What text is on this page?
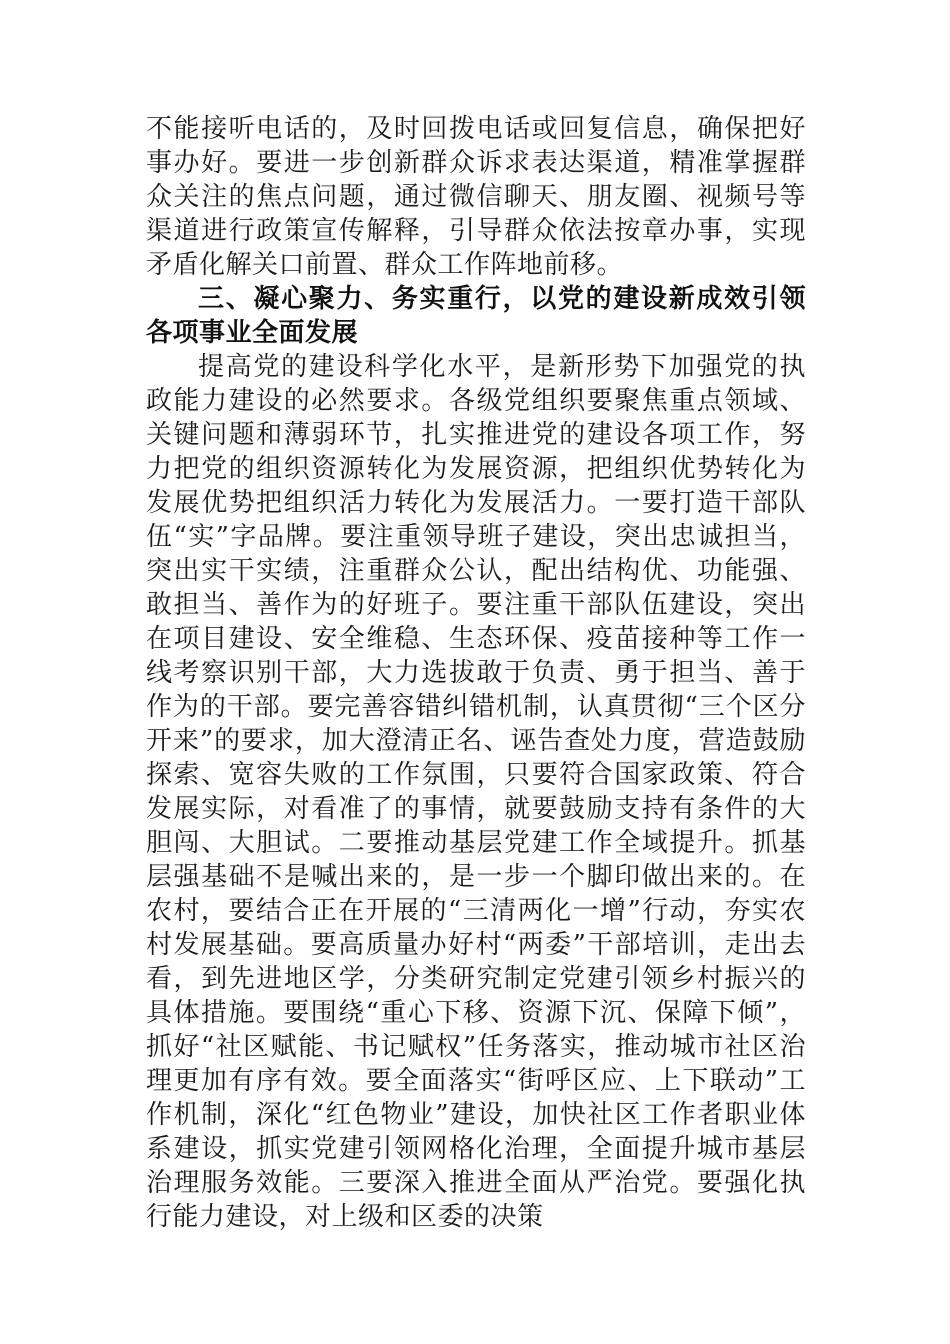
不能接听电话的，及时回拨电话或回复信息，确保把好事办好。要进一步创新群众诉求表达渠道，精准掌握群众关注的焦点问题，通过微信聊天、朋友圈、视频号等渠道进行政策宣传解释，引导群众依法按章办事，实现矛盾化解关口前置、群众工作阵地前移。

三、凝心聚力、务实重行，以党的建设新成效引领各项事业全面发展

提高党的建设科学化水平，是新形势下加强党的执政能力建设的必然要求。各级党组织要聚焦重点领域、关键问题和薄弱环节，扎实推进党的建设各项工作，努力把党的组织资源转化为发展资源，把组织优势转化为发展优势把组织活力转化为发展活力。一要打造干部队伍“实”字品牌。要注重领导班子建设，突出忠诚担当，突出实干实绩，注重群众公认，配出结构优、功能强、敢担当、善作为的好班子。要注重干部队伍建设，突出在项目建设、安全维稳、生态环保、疫苗接种等工作一线考察识别干部，大力选拔敢于负责、勇于担当、善于作为的干部。要完善容错纠错机制，认真贯彻“三个区分开来”的要求，加大澄清正名、诬告查处力度，营造鼓励探索、宽容失败的工作氛围，只要符合国家政策、符合发展实际，对看准了的事情，就要鼓励支持有条件的大胆闯、大胆试。二要推动基层党建工作全域提升。抓基层强基础不是喊出来的，是一步一个脚印做出来的。在农村，要结合正在开展的“三清两化一增”行动，夯实农村发展基础。要高质量办好村“两委”干部培训，走出去看，到先进地区学，分类研究制定党建引领乡村振兴的具体措施。要围绕“重心下移、资源下沉、保障下倾”，抓好“社区赋能、书记赋权”任务落实，推动城市社区治理更加有序有效。要全面落实“街呼区应、上下联动”工作机制，深化“红色物业”建设，加快社区工作者职业体系建设，抓实党建引领网格化治理，全面提升城市基层治理服务效能。三要深入推进全面从严治党。要强化执行能力建设，对上级和区委的决策
